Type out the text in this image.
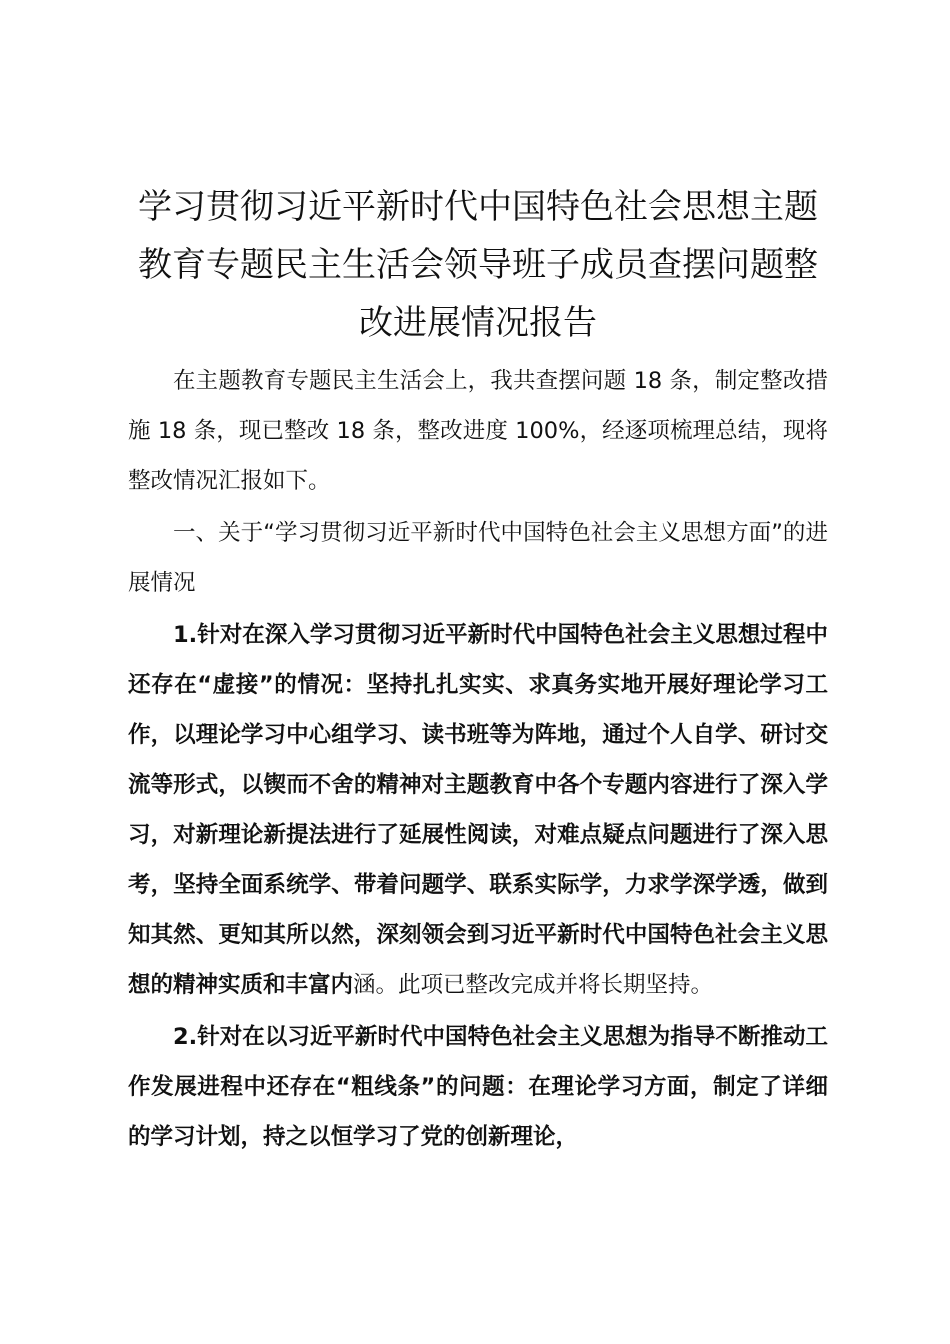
学习贯彻习近平新时代中国特色社会思想主题
教育专题民主生活会领导班子成员查摆问题整
改进展情况报告

在主题教育专题民主生活会上，我共查摆问题 18 条，制定整改措施 18 条，现已整改 18 条，整改进度 100%，经逐项梳理总结，现将整改情况汇报如下。

一、关于“学习贯彻习近平新时代中国特色社会主义思想方面”的进展情况

1.针对在深入学习贯彻习近平新时代中国特色社会主义思想过程中还存在“虚接”的情况：坚持扎扎实实、求真务实地开展好理论学习工作，以理论学习中心组学习、读书班等为阵地，通过个人自学、研讨交流等形式，以锲而不舍的精神对主题教育中各个专题内容进行了深入学习，对新理论新提法进行了延展性阅读，对难点疑点问题进行了深入思考，坚持全面系统学、带着问题学、联系实际学，力求学深学透，做到知其然、更知其所以然，深刻领会到习近平新时代中国特色社会主义思想的精神实质和丰富内涵。此项已整改完成并将长期坚持。

2.针对在以习近平新时代中国特色社会主义思想为指导不断推动工作发展进程中还存在“粗线条”的问题：在理论学习方面，制定了详细的学习计划，持之以恒学习了党的创新理论，
